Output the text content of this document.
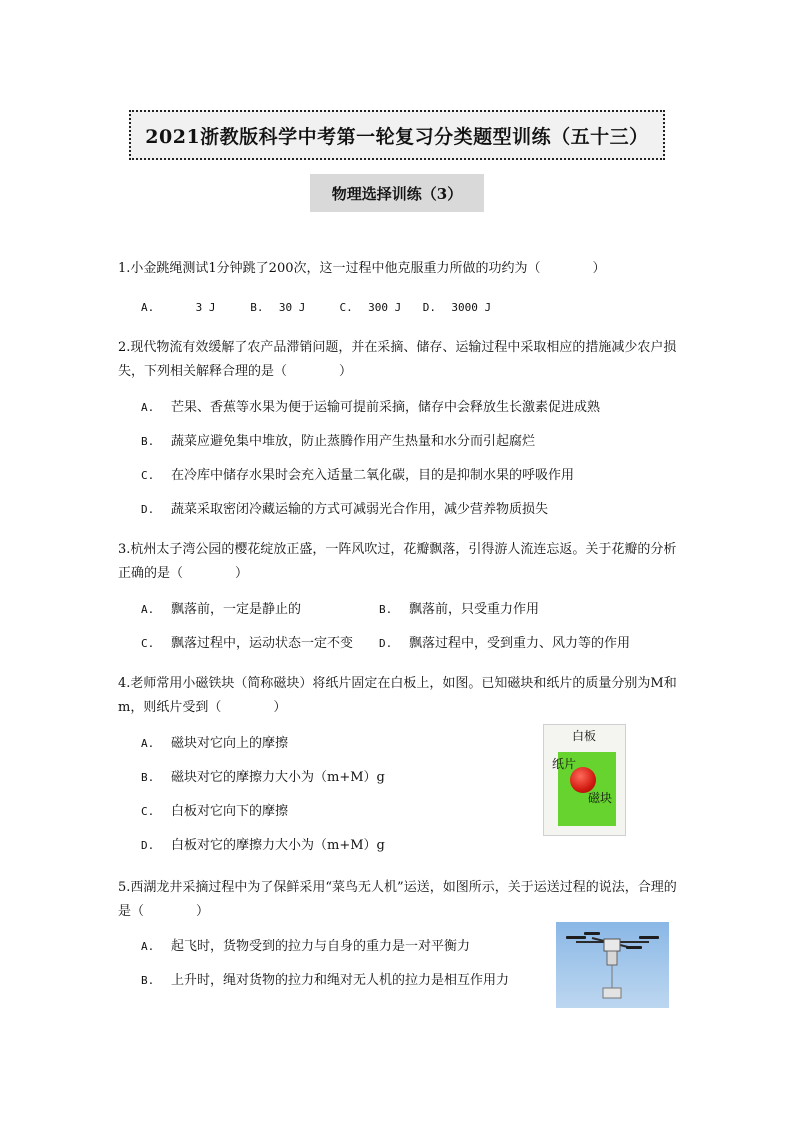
2021浙教版科学中考第一轮复习分类题型训练（五十三）
物理选择训练（3）
1.小金跳绳测试1分钟跳了200次，这一过程中他克服重力所做的功约为（　　　　）
A.	3 J	B. 30 J	C. 300 J D. 3000 J
2.现代物流有效缓解了农产品滞销问题，并在采摘、储存、运输过程中采取相应的措施减少农户损失，下列相关解释合理的是（　　　　）
A. 芒果、香蕉等水果为便于运输可提前采摘，储存中会释放生长激素促进成熟
B. 蔬菜应避免集中堆放，防止蒸腾作用产生热量和水分而引起腐烂
C. 在冷库中储存水果时会充入适量二氧化碳，目的是抑制水果的呼吸作用
D. 蔬菜采取密闭冷藏运输的方式可减弱光合作用，减少营养物质损失
3.杭州太子湾公园的樱花绽放正盛，一阵风吹过，花瓣飘落，引得游人流连忘返。关于花瓣的分析正确的是（　　　　）
A. 飘落前，一定是静止的	B. 飘落前，只受重力作用
C. 飘落过程中，运动状态一定不变 D. 飘落过程中，受到重力、风力等的作用
4.老师常用小磁铁块（简称磁块）将纸片固定在白板上，如图。已知磁块和纸片的质量分别为M和m，则纸片受到（　　　　）
A. 磁块对它向上的摩擦
B. 磁块对它的摩擦力大小为（m+M）g
C. 白板对它向下的摩擦
D. 白板对它的摩擦力大小为（m+M）g
白板
纸片
磁块
5.西湖龙井采摘过程中为了保鲜采用“菜鸟无人机”运送，如图所示，关于运送过程的说法，合理的是（　　　　）
A. 起飞时，货物受到的拉力与自身的重力是一对平衡力
B. 上升时，绳对货物的拉力和绳对无人机的拉力是相互作用力
